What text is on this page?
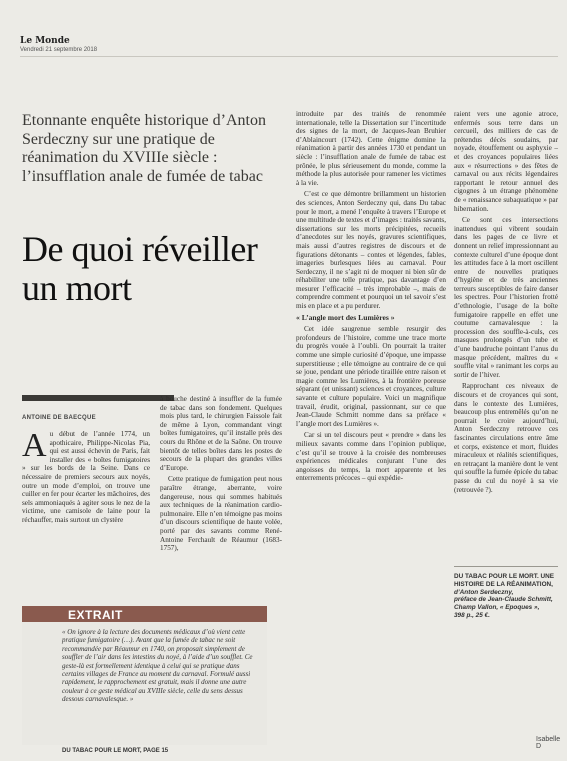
Le Monde
Vendredi 21 septembre 2018
Etonnante enquête historique d’Anton Serdeczny sur une pratique de réanimation du XVIIIe siècle : l’insufflation anale de fumée de tabac
De quoi réveiller un mort
ANTOINE DE BAECQUE

Au début de l’année 1774, un apothicaire, Philippe-Nicolas Pia, qui est aussi échevin de Paris, fait installer des « boîtes fumigatoires » sur les bords de la Seine. Dans ce nécessaire de premiers secours aux noyés, outre un mode d’emploi, on trouve une cuiller en fer pour écarter les mâchoires, des sels ammoniaqués à agiter sous le nez de la victime, une camisole de laine pour la réchauffer, mais surtout un clystère

à bouche destiné à insuffler de la fumée de tabac dans son fondement. Quelques mois plus tard, le chirurgien Faissole fait de même à Lyon, commandant vingt boîtes fumigatoires, qu’il installe près des cours du Rhône et de la Saône. On trouve bientôt de telles boîtes dans les postes de secours de la plupart des grandes villes d’Europe.

Cette pratique de fumigation peut nous paraître étrange, aberrante, voire dangereuse, nous qui sommes habitués aux techniques de la réanimation cardio-pulmonaire. Elle n’en témoigne pas moins d’un discours scientifique de haute volée, porté par des savants comme René-Antoine Ferchault de Réaumur (1683-1757),

introduite par des traités de renommée internationale, telle la Dissertation sur l’incertitude des signes de la mort, de Jacques-Jean Bruhier d’Ablaincourt (1742). Cette énigme domine la réanimation à partir des années 1730 et pendant un siècle : l’insufflation anale de fumée de tabac est prônée, le plus sérieusement du monde, comme la méthode la plus autorisée pour ramener les victimes à la vie.

C’est ce que démontre brillamment un historien des sciences, Anton Serdeczny qui, dans Du tabac pour le mort, a mené l’enquête à travers l’Europe et une multitude de textes et d’images : traités savants, dissertations sur les morts précipitées, recueils d’anecdotes sur les noyés, gravures scientifiques, mais aussi d’autres registres de discours et de figurations détonants – contes et légendes, fables, imageries burlesques liées au carnaval. Pour Serdeczny, il ne s’agit ni de moquer ni bien sûr de réhabiliter une telle pratique, pas davantage d’en mesurer l’efficacité – très improbable –, mais de comprendre comment et pourquoi un tel savoir s’est mis en place et a pu perdurer.

« L’angle mort des Lumières »

Cet idée saugrenue semble resurgir des profondeurs de l’histoire, comme une trace morte du progrès vouée à l’oubli. On pourrait la traiter comme une simple curiosité d’époque, une impasse superstitieuse ; elle témoigne au contraire de ce qui se joue, pendant une période tiraillée entre raison et magie comme les Lumières, à la frontière poreuse séparant (et unissant) sciences et croyances, culture savante et culture populaire. Voici un magnifique travail, érudit, original, passionnant, sur ce que Jean-Claude Schmitt nomme dans sa préface « l’angle mort des Lumières ».

Car si un tel discours peut « prendre » dans les milieux savants comme dans l’opinion publique, c’est qu’il se trouve à la croisée des nombreuses expériences médicales conjurant l’une des angoisses du temps, la mort apparente et les enterrements précoces – qui expédie-

raient vers une agonie atroce, enfermés sous terre dans un cercueil, des milliers de cas de prétendus décès soudains, par noyade, étouffement ou asphyxie – et des croyances populaires liées aux « résurrections » des fêtes de carnaval ou aux récits légendaires rapportant le retour annuel des cigognes à un étrange phénomène de « renaissance subaquatique » par hibernation.

Ce sont ces intersections inattendues qui vibrent soudain dans les pages de ce livre et donnent un relief impressionnant au contexte culturel d’une époque dont les attitudes face à la mort oscillent entre de nouvelles pratiques d’hygiène et de très anciennes terreurs susceptibles de faire danser les spectres. Pour l’historien frotté d’ethnologie, l’usage de la boîte fumigatoire rappelle en effet une coutume carnavalesque : la procession des souffle-à-culs, ces masques prolongés d’un tube et d’une baudruche pointant l’anus du masque précédent, maîtres du « souffle vital » ranimant les corps au sortir de l’hiver.

Rapprochant ces niveaux de discours et de croyances qui sont, dans le contexte des Lumières, beaucoup plus entremêlés qu’on ne pourrait le croire aujourd’hui, Anton Serdeczny retrouve ces fascinantes circulations entre âme et corps, existence et mort, fluides miraculeux et réalités scientifiques, en retraçant la manière dont le vent qui souffle la fumée épicée du tabac passe du cul du noyé à sa vie (retrouvée ?).

EXTRAIT
« On ignore à la lecture des documents médicaux d’où vient cette pratique fumigatoire (…). Avant que la fumée de tabac ne soit recommandée par Réaumur en 1740, on proposait simplement de souffler de l’air dans les intestins du noyé, à l’aide d’un soufflet. Ce geste-là est formellement identique à celui qui se pratique dans certains villages de France au moment du carnaval. Formulé aussi rapidement, le rapprochement est gratuit, mais il donne une autre couleur à ce geste médical au XVIIIe siècle, celle du sens dessus dessous carnavalesque. »
DU TABAC POUR LE MORT, PAGE 15
DU TABAC POUR LE MORT. UNE HISTOIRE DE LA RÉANIMATION,
d’Anton Serdeczny,
préface de Jean-Claude Schmitt,
Champ Vallon, « Epoques »,
398 p., 25 €.
Isabelle D
